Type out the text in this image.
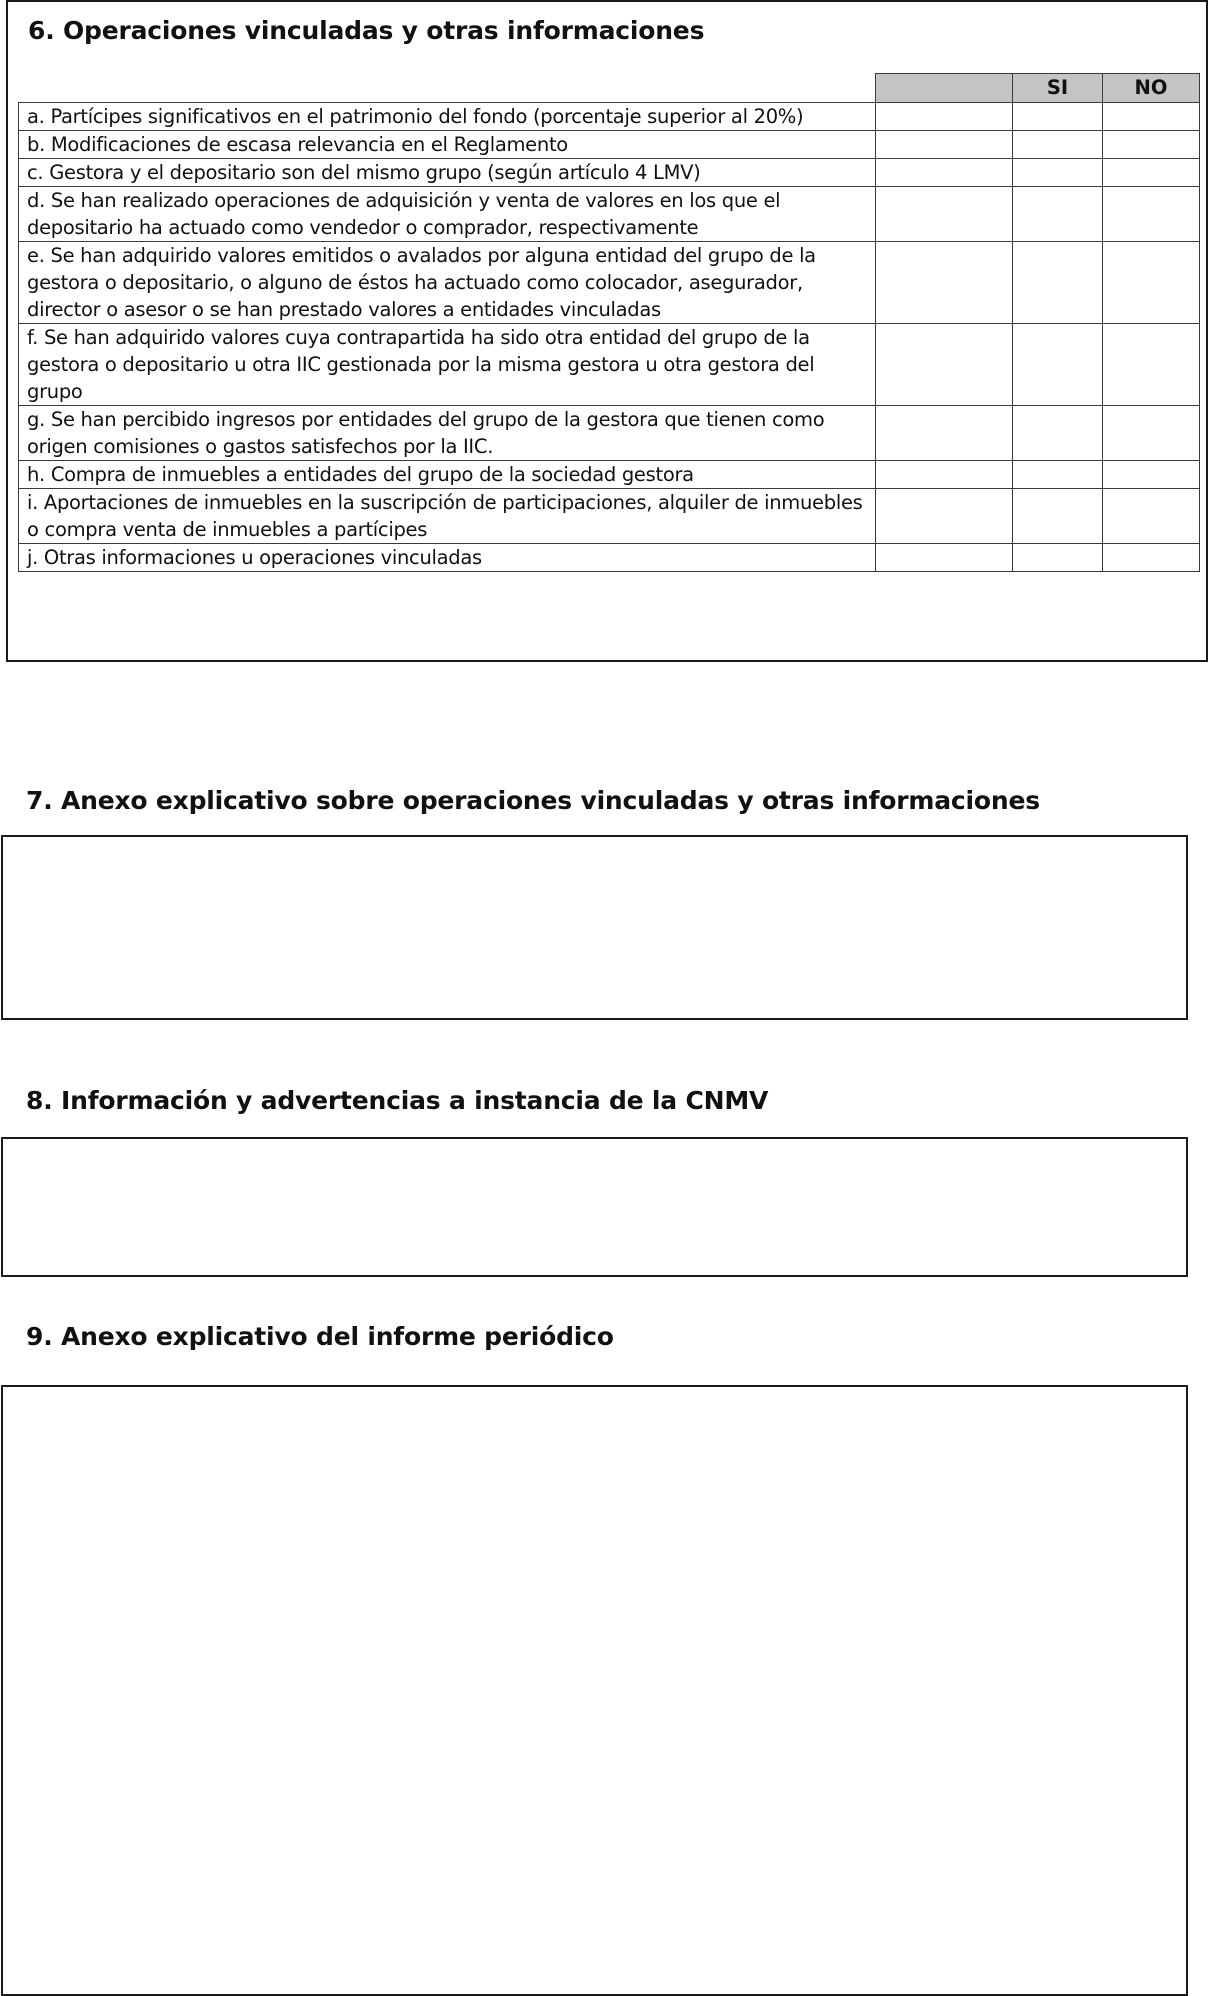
6. Operaciones vinculadas y otras informaciones
		SI	NO
a. Partícipes significativos en el patrimonio del fondo (porcentaje superior al 20%)			
b. Modificaciones de escasa relevancia en el Reglamento			
c. Gestora y el depositario son del mismo grupo (según artículo 4 LMV)			
d. Se han realizado operaciones de adquisición y venta de valores en los que el depositario ha actuado como vendedor o comprador, respectivamente			
e. Se han adquirido valores emitidos o avalados por alguna entidad del grupo de la gestora o depositario, o alguno de éstos ha actuado como colocador, asegurador, director o asesor o se han prestado valores a entidades vinculadas			
f. Se han adquirido valores cuya contrapartida ha sido otra entidad del grupo de la gestora o depositario u otra IIC gestionada por la misma gestora u otra gestora del grupo			
g. Se han percibido ingresos por entidades del grupo de la gestora que tienen como origen comisiones o gastos satisfechos por la IIC.			
h. Compra de inmuebles a entidades del grupo de la sociedad gestora			
i. Aportaciones de inmuebles en la suscripción de participaciones, alquiler de inmuebles o compra venta de inmuebles a partícipes			
j. Otras informaciones u operaciones vinculadas			
7. Anexo explicativo sobre operaciones vinculadas y otras informaciones
8. Información y advertencias a instancia de la CNMV
9. Anexo explicativo del informe periódico
